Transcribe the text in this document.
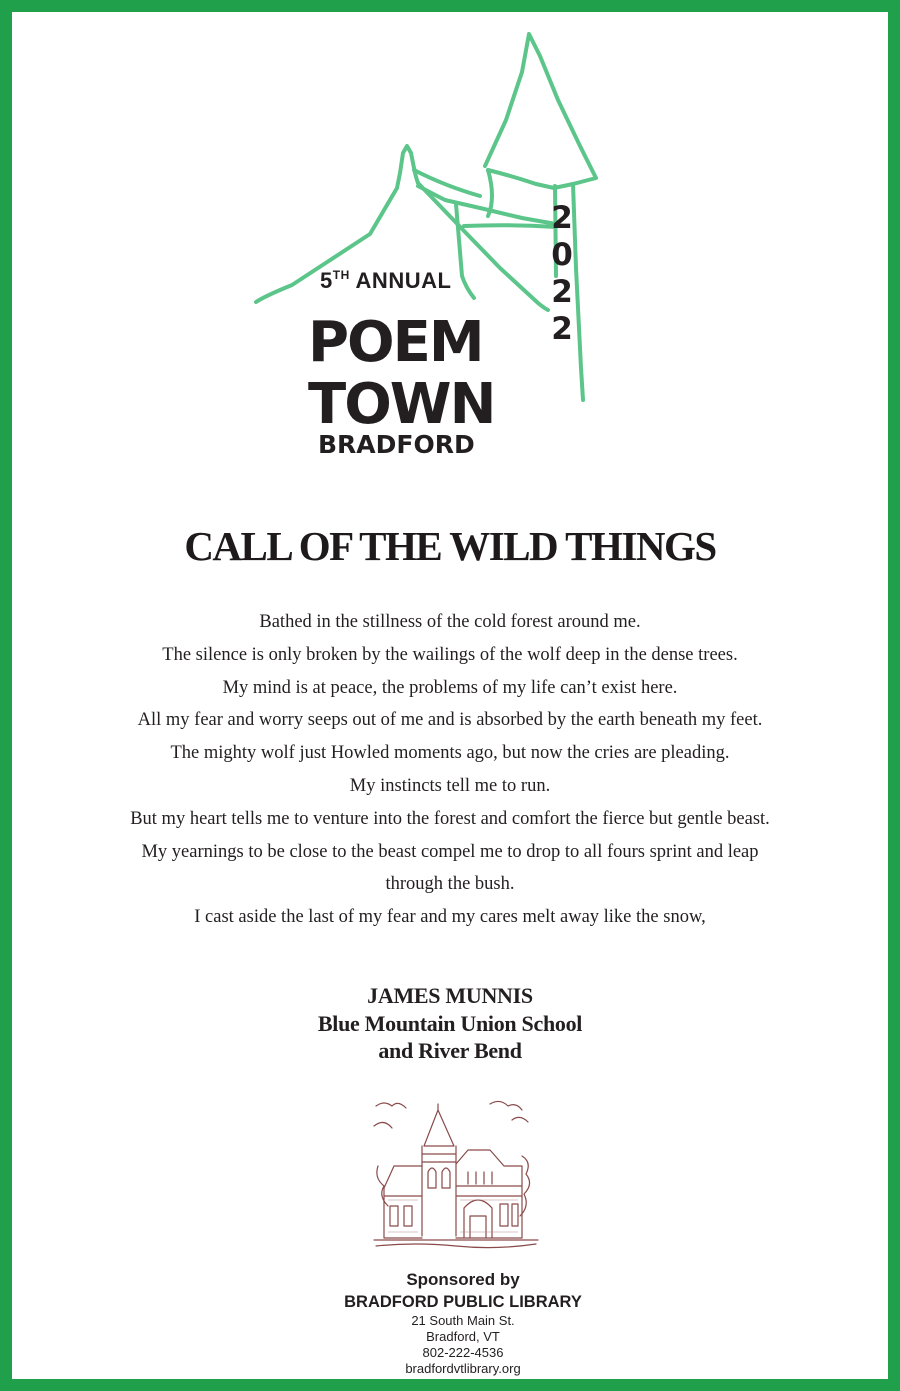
5TH ANNUAL
POEM
TOWN
BRADFORD
2
0
2
2
CALL OF THE WILD THINGS
Bathed in the stillness of the cold forest around me.
The silence is only broken by the wailings of the wolf deep in the dense trees.
My mind is at peace, the problems of my life can’t exist here.
All my fear and worry seeps out of me and is absorbed by the earth beneath my feet.
The mighty wolf just Howled moments ago, but now the cries are pleading.
My instincts tell me to run.
But my heart tells me to venture into the forest and comfort the fierce but gentle beast.
My yearnings to be close to the beast compel me to drop to all fours sprint and leap
through the bush.
I cast aside the last of my fear and my cares melt away like the snow,
JAMES MUNNIS
Blue Mountain Union School
and River Bend
Sponsored by
BRADFORD PUBLIC LIBRARY
21 South Main St.
Bradford, VT
802-222-4536
bradfordvtlibrary.org
